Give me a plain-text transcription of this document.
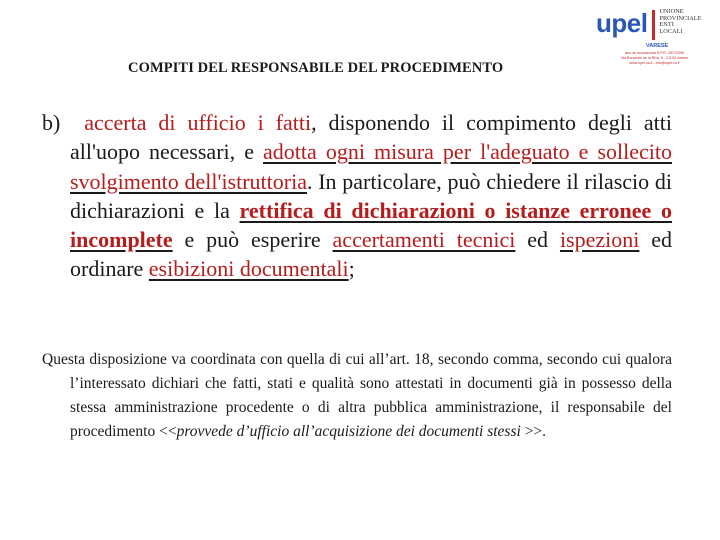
upel UNIONE
PROVINCIALE
ENTI
LOCALI
VARESE
ass.ne riconosciuta D.P.R. 26/7/1995
Via Bonvesin de la Riva, 5 - 21100 Varese
www.upel.va.it - info@upel.va.it
COMPITI DEL RESPONSABILE DEL PROCEDIMENTO
b) accerta di ufficio i fatti, disponendo il compimento degli atti all'uopo necessari, e adotta ogni misura per l'adeguato e sollecito svolgimento dell'istruttoria. In particolare, può chiedere il rilascio di dichiarazioni e la rettifica di dichiarazioni o istanze erronee o incomplete e può esperire accertamenti tecnici ed ispezioni ed ordinare esibizioni documentali;
Questa disposizione va coordinata con quella di cui all’art. 18, secondo comma, secondo cui qualora l’interessato dichiari che fatti, stati e qualità sono attestati in documenti già in possesso della stessa amministrazione procedente o di altra pubblica amministrazione, il responsabile del procedimento <<provvede d’ufficio all’acquisizione dei documenti stessi >>.
